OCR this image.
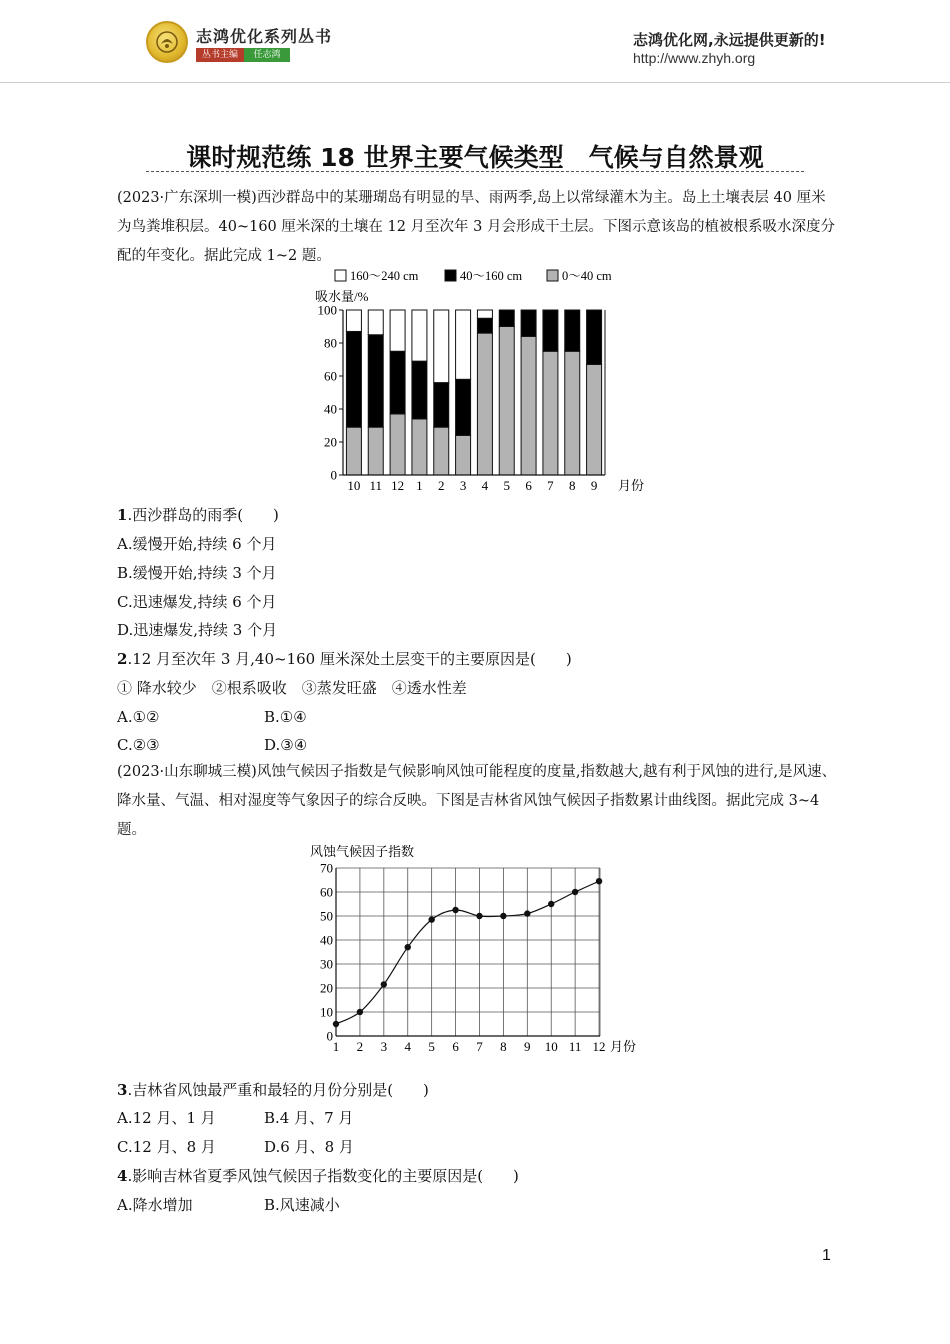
志鸿优化系列丛书
丛书主编	任志鸿
志鸿优化网,永远提供更新的!
http://www.zhyh.org
课时规范练 18 世界主要气候类型　气候与自然景观
(2023·广东深圳一模)西沙群岛中的某珊瑚岛有明显的旱、雨两季,岛上以常绿灌木为主。岛上土壤表层 40 厘米为鸟粪堆积层。40~160 厘米深的土壤在 12 月至次年 3 月会形成干土层。下图示意该岛的植被根系吸水深度分配的年变化。据此完成 1~2 题。
160～240 cm	40～160 cm	0～40 cm
吸水量/%
0
20
40
60
80
100
10 11 12 1 2 3 4 5 6 7 8 9 月份
1.西沙群岛的雨季(　　)
A.缓慢开始,持续 6 个月
B.缓慢开始,持续 3 个月
C.迅速爆发,持续 6 个月
D.迅速爆发,持续 3 个月
2.12 月至次年 3 月,40~160 厘米深处土层变干的主要原因是(　　)
① 降水较少　②根系吸收　③蒸发旺盛　④透水性差
A.①②	B.①④
C.②③	D.③④
(2023·山东聊城三模)风蚀气候因子指数是气候影响风蚀可能程度的度量,指数越大,越有利于风蚀的进行,是风速、降水量、气温、相对湿度等气象因子的综合反映。下图是吉林省风蚀气候因子指数累计曲线图。据此完成 3~4 题。
风蚀气候因子指数
0
10
20
30
40
50
60
70
1 2 3 4 5 6 7 8 9 10 11 12 月份
3.吉林省风蚀最严重和最轻的月份分别是(　　)
A.12 月、1 月	B.4 月、7 月
C.12 月、8 月	D.6 月、8 月
4.影响吉林省夏季风蚀气候因子指数变化的主要原因是(　　)
A.降水增加	B.风速减小
1
